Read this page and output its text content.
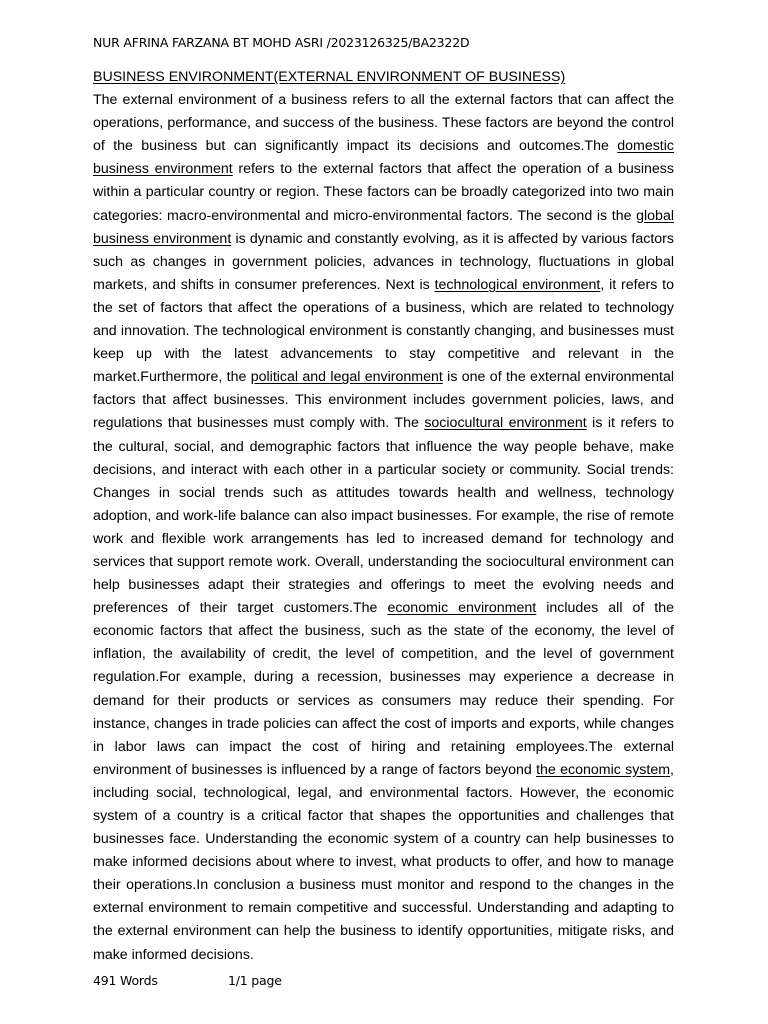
NUR AFRINA FARZANA BT MOHD ASRI /2023126325/BA2322D
BUSINESS ENVIRONMENT(EXTERNAL ENVIRONMENT OF BUSINESS)

The external environment of a business refers to all the external factors that can affect the operations, performance, and success of the business. These factors are beyond the control of the business but can significantly impact its decisions and outcomes.The domestic business environment refers to the external factors that affect the operation of a business within a particular country or region. These factors can be broadly categorized into two main categories: macro-environmental and micro-environmental factors. The second is the global business environment is dynamic and constantly evolving, as it is affected by various factors such as changes in government policies, advances in technology, fluctuations in global markets, and shifts in consumer preferences. Next is technological environment, it refers to the set of factors that affect the operations of a business, which are related to technology and innovation. The technological environment is constantly changing, and businesses must keep up with the latest advancements to stay competitive and relevant in the market.Furthermore, the political and legal environment is one of the external environmental factors that affect businesses. This environment includes government policies, laws, and regulations that businesses must comply with. The sociocultural environment is it refers to the cultural, social, and demographic factors that influence the way people behave, make decisions, and interact with each other in a particular society or community. Social trends: Changes in social trends such as attitudes towards health and wellness, technology adoption, and work-life balance can also impact businesses. For example, the rise of remote work and flexible work arrangements has led to increased demand for technology and services that support remote work. Overall, understanding the sociocultural environment can help businesses adapt their strategies and offerings to meet the evolving needs and preferences of their target customers.The economic environment includes all of the economic factors that affect the business, such as the state of the economy, the level of inflation, the availability of credit, the level of competition, and the level of government regulation.For example, during a recession, businesses may experience a decrease in demand for their products or services as consumers may reduce their spending. For instance, changes in trade policies can affect the cost of imports and exports, while changes in labor laws can impact the cost of hiring and retaining employees.The external environment of businesses is influenced by a range of factors beyond the economic system, including social, technological, legal, and environmental factors. However, the economic system of a country is a critical factor that shapes the opportunities and challenges that businesses face. Understanding the economic system of a country can help businesses to make informed decisions about where to invest, what products to offer, and how to manage their operations.In conclusion a business must monitor and respond to the changes in the external environment to remain competitive and successful. Understanding and adapting to the external environment can help the business to identify opportunities, mitigate risks, and make informed decisions.

491 Words	1/1 page
